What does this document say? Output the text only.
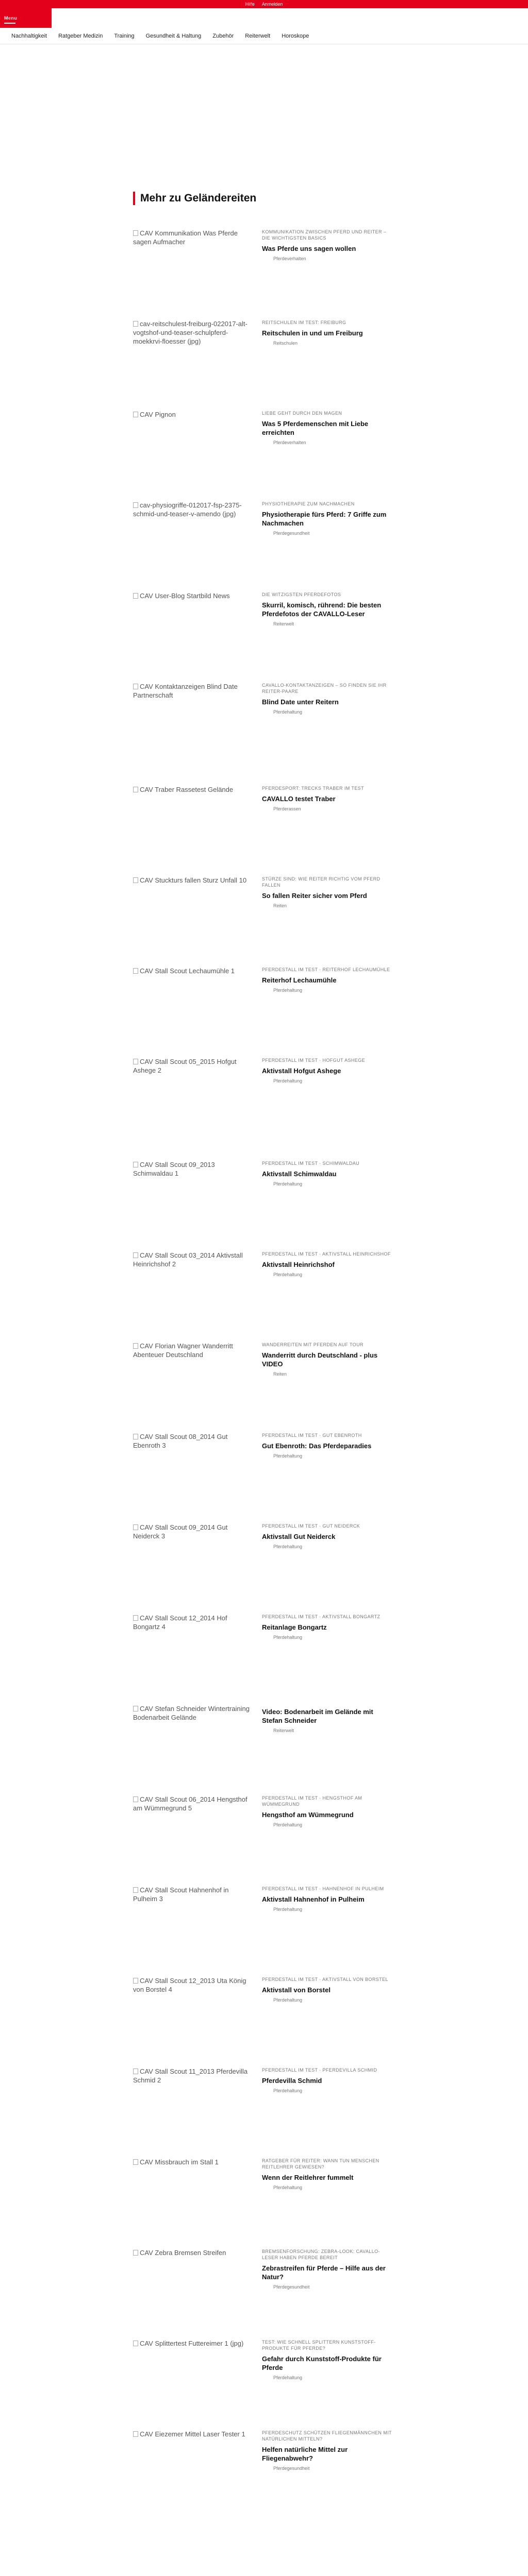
Hilfe Anmelden
Menu
Nachhaltigkeit Ratgeber Medizin Training Gesundheit & Haltung Zubehör Reiterwelt Horoskope
Mehr zu Geländereiten
CAV Kommunikation Was Pferde sagen Aufmacher
KOMMUNIKATION ZWISCHEN PFERD UND REITER – DIE WICHTIGSTEN BASICS
Was Pferde uns sagen wollen
Pferdeverhalten
cav-reitschulest-freiburg-022017-alt-vogtshof-und-teaser-schulpferd-moekkrvi-floesser (jpg)
REITSCHULEN IM TEST: FREIBURG
Reitschulen in und um Freiburg
Reitschulen
CAV Pignon	LIEBE GEHT DURCH DEN MAGEN
Was 5 Pferdemenschen mit Liebe erreichten
Pferdeverhalten
cav-physiogriffe-012017-fsp-2375-schmid-und-teaser-v-amendo (jpg)
PHYSIOTHERAPIE ZUM NACHMACHEN
Physiotherapie fürs Pferd: 7 Griffe zum Nachmachen
Pferdegesundheit
CAV User-Blog Startbild News	DIE WITZIGSTEN PFERDEFOTOS
Skurril, komisch, rührend: Die besten Pferdefotos der CAVALLO-Leser
Reiterwelt
CAV Kontaktanzeigen Blind Date Partnerschaft
CAVALLO-KONTAKTANZEIGEN – SO FINDEN SIE IHR REITER-PAARE
Blind Date unter Reitern
Pferdehaltung
CAV Traber Rassetest Gelände	PFERDESPORT: TRECKS TRABER IM TEST
CAVALLO testet Traber
Pferderassen
CAV Stuckturs fallen Sturz Unfall 10	STÜRZE SIND: WIE REITER RICHTIG VOM PFERD FALLEN
So fallen Reiter sicher vom Pferd
Reiten
CAV Stall Scout Lechaumühle 1	PFERDESTALL IM TEST · REITERHOF LECHAUMÜHLE
Reiterhof Lechaumühle
Pferdehaltung
CAV Stall Scout 05_2015 Hofgut Ashege 2
PFERDESTALL IM TEST · HOFGUT ASHEGE
Aktivstall Hofgut Ashege
Pferdehaltung
CAV Stall Scout 09_2013 Schimwaldau 1
PFERDESTALL IM TEST · SCHIMWALDAU
Aktivstall Schimwaldau
Pferdehaltung
CAV Stall Scout 03_2014 Aktivstall Heinrichshof 2
PFERDESTALL IM TEST · AKTIVSTALL HEINRICHSHOF
Aktivstall Heinrichshof
Pferdehaltung
CAV Florian Wagner Wanderritt Abenteuer Deutschland
WANDERREITEN MIT PFERDEN AUF TOUR
Wanderritt durch Deutschland - plus VIDEO
Reiten
CAV Stall Scout 08_2014 Gut Ebenroth 3
PFERDESTALL IM TEST · GUT EBENROTH
Gut Ebenroth: Das Pferdeparadies
Pferdehaltung
CAV Stall Scout 09_2014 Gut Neiderck 3
PFERDESTALL IM TEST · GUT NEIDERCK
Aktivstall Gut Neiderck
Pferdehaltung
CAV Stall Scout 12_2014 Hof Bongartz 4
PFERDESTALL IM TEST · AKTIVSTALL BONGARTZ
Reitanlage Bongartz
Pferdehaltung
CAV Stefan Schneider Wintertraining Bodenarbeit Gelände
Video: Bodenarbeit im Gelände mit Stefan Schneider
Reiterwelt
CAV Stall Scout 06_2014 Hengsthof am Wümmegrund 5
PFERDESTALL IM TEST · HENGSTHOF AM WÜMMEGRUND
Hengsthof am Wümmegrund
Pferdehaltung
CAV Stall Scout Hahnenhof in Pulheim 3
PFERDESTALL IM TEST · HAHNENHOF IN PULHEIM
Aktivstall Hahnenhof in Pulheim
Pferdehaltung
CAV Stall Scout 12_2013 Uta König von Borstel 4
PFERDESTALL IM TEST · AKTIVSTALL VON BORSTEL
Aktivstall von Borstel
Pferdehaltung
CAV Stall Scout 11_2013 Pferdevilla Schmid 2
PFERDESTALL IM TEST · PFERDEVILLA SCHMID
Pferdevilla Schmid
Pferdehaltung
CAV Missbrauch im Stall 1	RATGEBER FÜR REITER: WANN TUN MENSCHEN REITLEHRER GEWIESEN?
Wenn der Reitlehrer fummelt
Pferdehaltung
CAV Zebra Bremsen Streifen	BREMSENFORSCHUNG: ZEBRA-LOOK: CAVALLO-LESER HABEN PFERDE BEREIT
Zebrastreifen für Pferde – Hilfe aus der Natur?
Pferdegesundheit
CAV Splittertest Futtereimer 1 (jpg)	TEST: WIE SCHNELL SPLITTERN KUNSTSTOFF-PRODUKTE FÜR PFERDE?
Gefahr durch Kunststoff-Produkte für Pferde
Pferdehaltung
CAV Eiezemer Mittel Laser Tester 1	PFERDESCHUTZ SCHÜTZEN FLIEGENMÄNNCHEN MIT NATÜRLICHEN MITTELN?
Helfen natürliche Mittel zur Fliegenabwehr?
Pferdegesundheit
